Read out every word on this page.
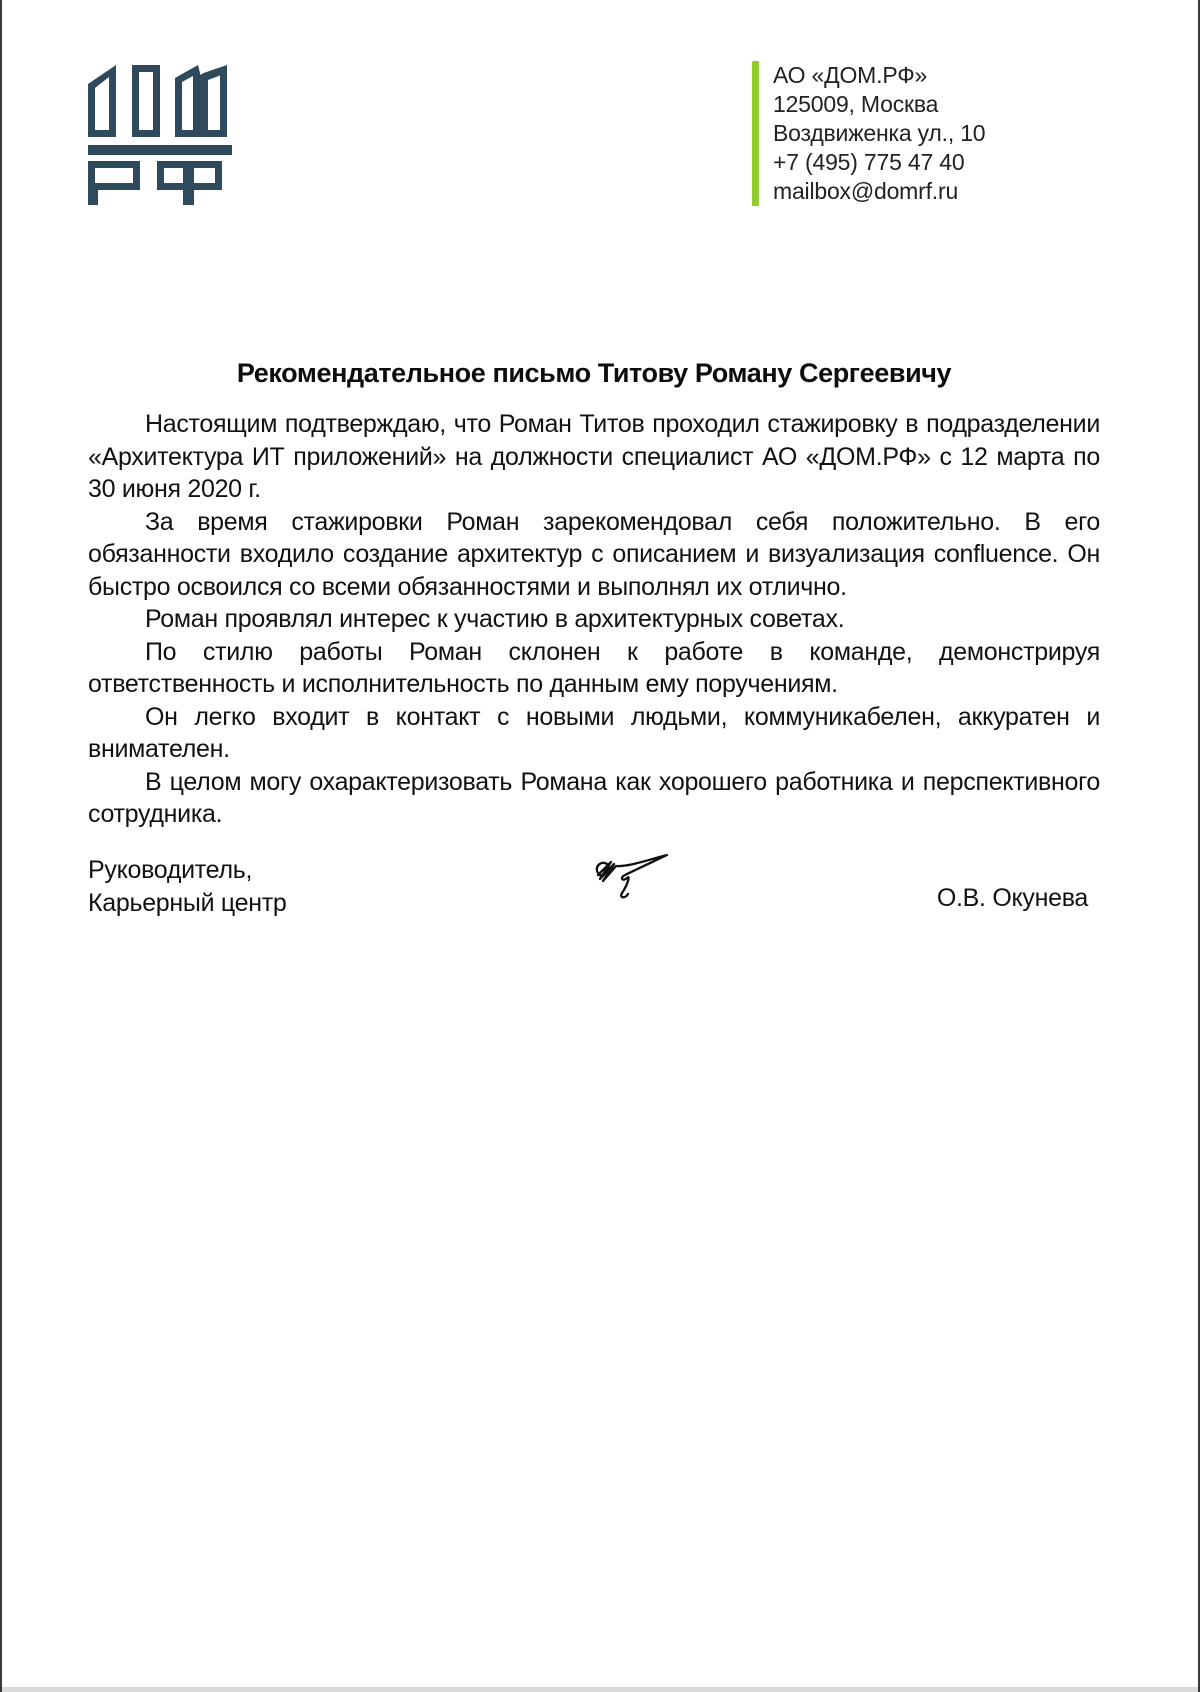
АО «ДОМ.РФ»
125009, Москва
Воздвиженка ул., 10
+7 (495) 775 47 40
mailbox@domrf.ru
Рекомендательное письмо Титову Роману Сергеевичу

Настоящим подтверждаю, что Роман Титов проходил стажировку в подразделении «Архитектура ИТ приложений» на должности специалист АО «ДОМ.РФ» с 12 марта по 30 июня 2020 г.

За время стажировки Роман зарекомендовал себя положительно. В его обязанности входило создание архитектур с описанием и визуализация confluence. Он быстро освоился со всеми обязанностями и выполнял их отлично.

Роман проявлял интерес к участию в архитектурных советах.

По стилю работы Роман склонен к работе в команде, демонстрируя ответственность и исполнительность по данным ему поручениям.

Он легко входит в контакт с новыми людьми, коммуникабелен, аккуратен и внимателен.

В целом могу охарактеризовать Романа как хорошего работника и перспективного сотрудника.

Руководитель,
Карьерный центр	О.В. Окунева
